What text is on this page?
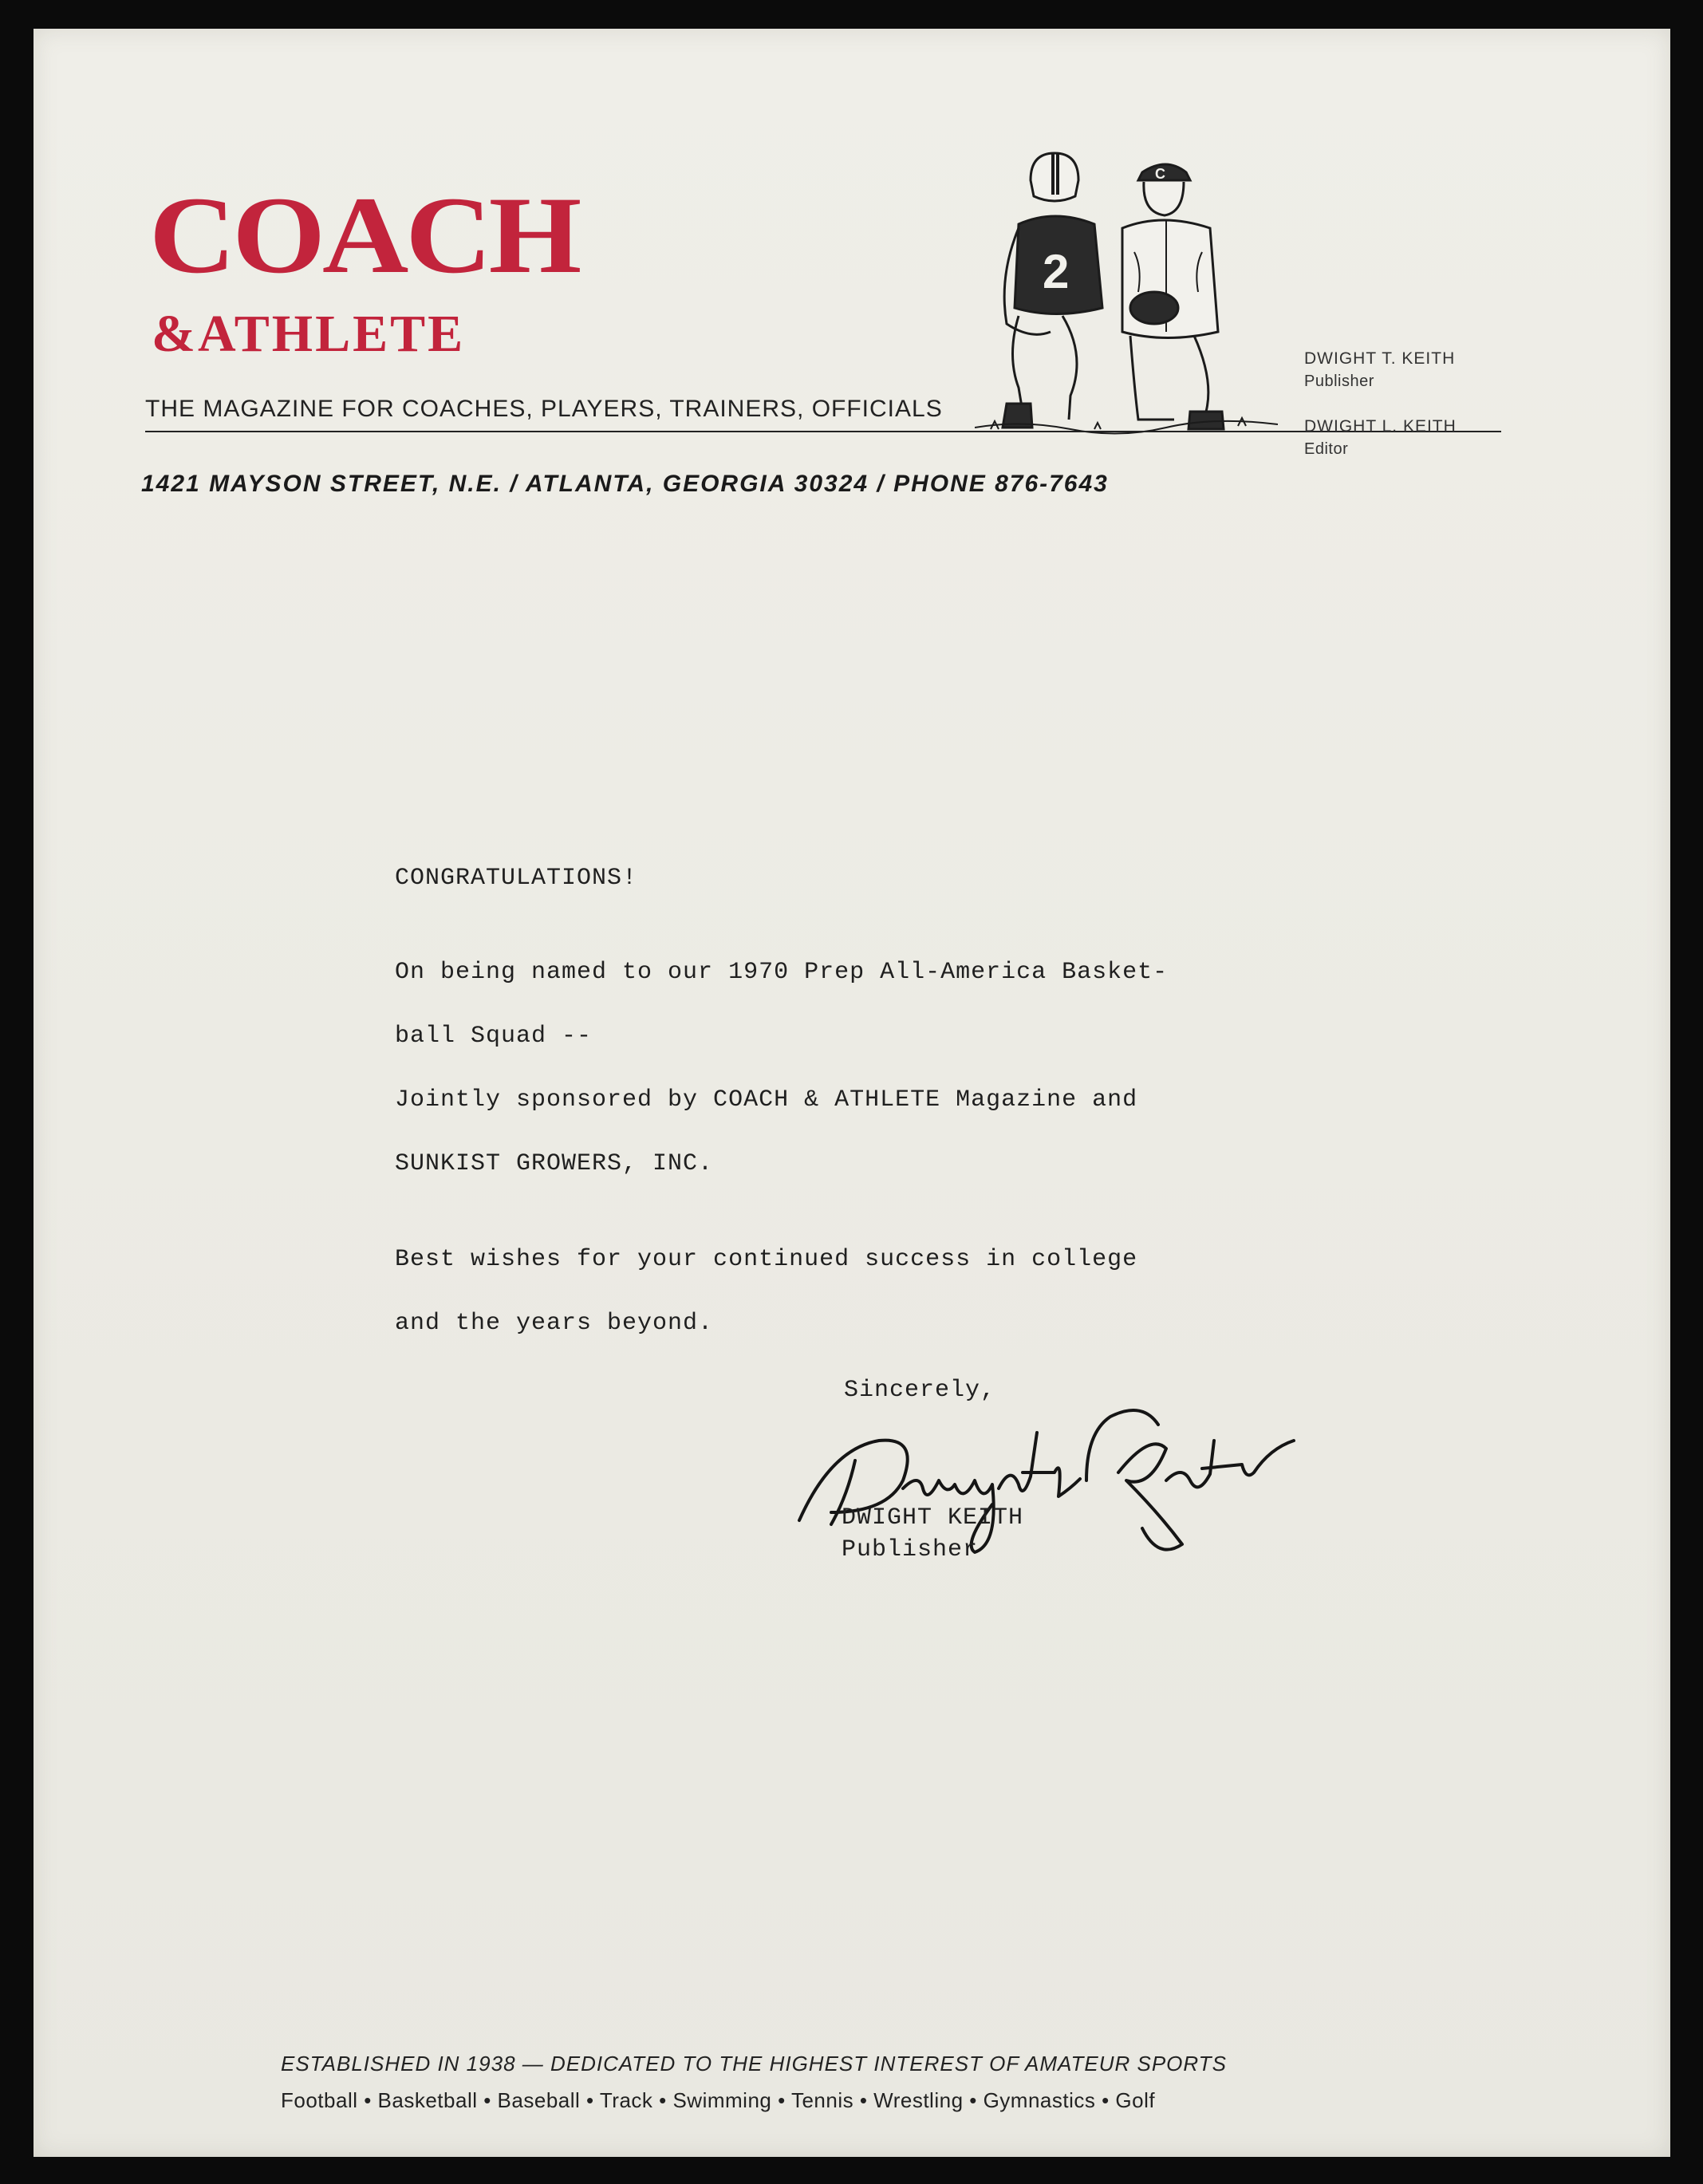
COACH
&ATHLETE
2
C
THE MAGAZINE FOR COACHES, PLAYERS, TRAINERS, OFFICIALS
1421 MAYSON STREET, N.E. / ATLANTA, GEORGIA 30324 / PHONE 876-7643
DWIGHT T. KEITH
Publisher
DWIGHT L. KEITH
Editor
CONGRATULATIONS!
On being named to our 1970 Prep All-America Basket-
ball Squad --
Jointly sponsored by COACH & ATHLETE Magazine and
SUNKIST GROWERS, INC.
Best wishes for your continued success in college
and the years beyond.
Sincerely,
DWIGHT KEITH
Publisher
ESTABLISHED IN 1938 — DEDICATED TO THE HIGHEST INTEREST OF AMATEUR SPORTS
Football • Basketball • Baseball • Track • Swimming • Tennis • Wrestling • Gymnastics • Golf
